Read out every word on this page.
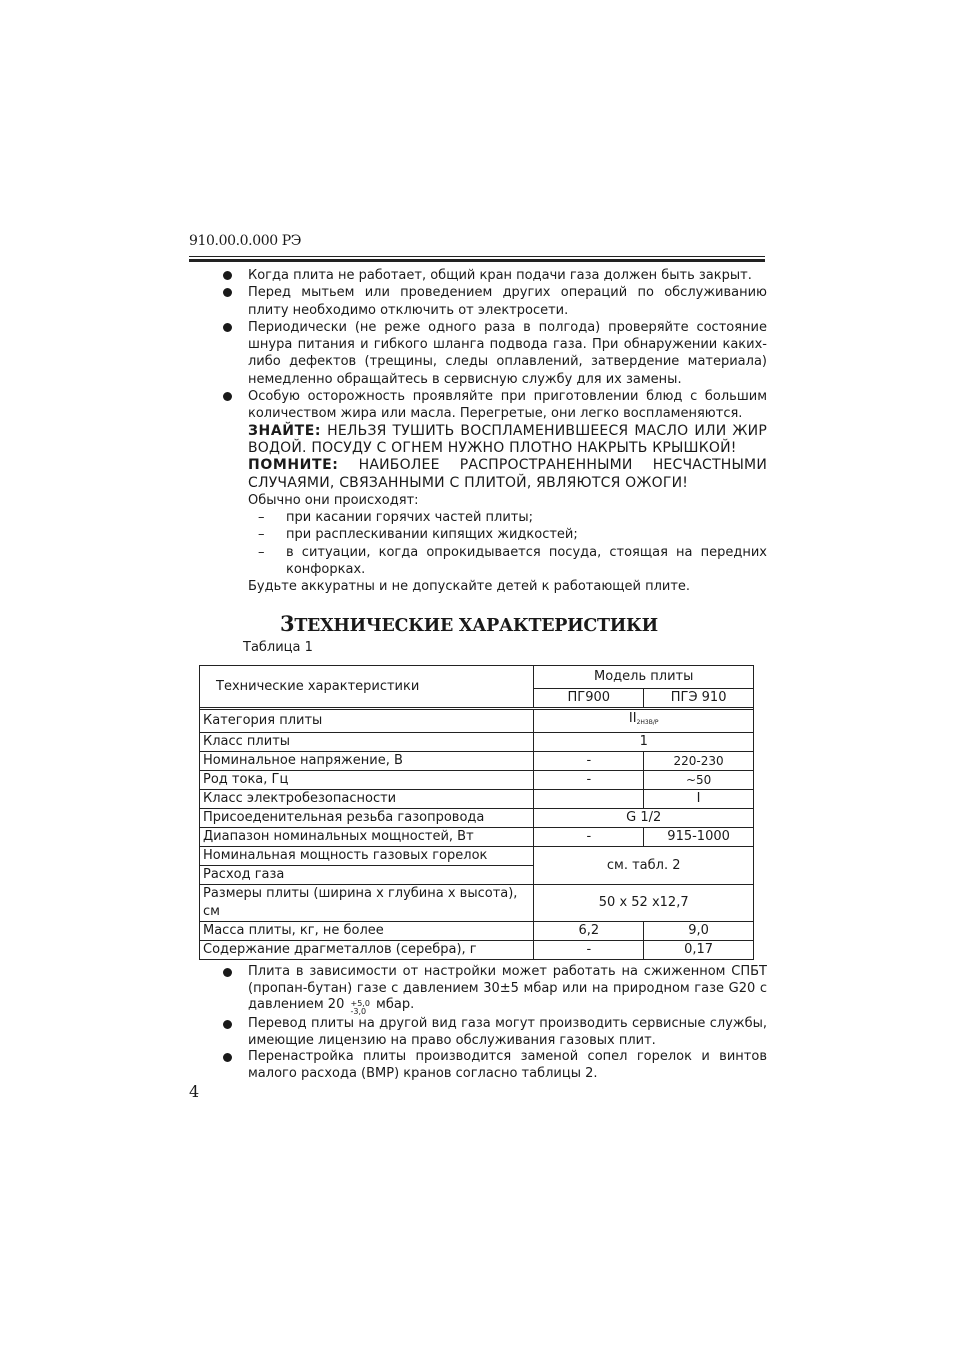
910.00.0.000 РЭ
Когда плита не работает, общий кран подачи газа должен быть закрыт.
Перед мытьем или проведением других операций по обслуживанию плиту необходимо отключить от электросети.
Периодически (не реже одного раза в полгода) проверяйте состояние шнура питания и гибкого шланга подвода газа. При обнаружении каких-либо дефектов (трещины, следы оплавлений, затвердение материала) немедленно обращайтесь в сервисную службу для их замены.
Особую осторожность проявляйте при приготовлении блюд с большим количеством жира или масла. Перегретые, они легко воспламеняются.
ЗНАЙТЕ: НЕЛЬЗЯ ТУШИТЬ ВОСПЛАМЕНИВШЕЕСЯ МАСЛО ИЛИ ЖИР ВОДОЙ. ПОСУДУ С ОГНЕМ НУЖНО ПЛОТНО НАКРЫТЬ КРЫШКОЙ!
ПОМНИТЕ: НАИБОЛЕЕ РАСПРОСТРАНЕННЫМИ НЕСЧАСТНЫМИ СЛУЧАЯМИ, СВЯЗАННЫМИ С ПЛИТОЙ, ЯВЛЯЮТСЯ ОЖОГИ!
Обычно они происходят:
– при касании горячих частей плиты;
– при расплескивании кипящих жидкостей;
– в ситуации, когда опрокидывается посуда, стоящая на передних конфорках.
Будьте аккуратны и не допускайте детей к работающей плите.
3ТЕХНИЧЕСКИЕ ХАРАКТЕРИСТИКИ
Таблица 1
Технические характеристики	Модель плиты	
	ПГ900	ПГЭ 910

Категория плиты	$II_{2Н3В/Р}$
Класс плиты	1	
Номинальное напряжение, В	-	220-230
Род тока, Гц	-	~50
Класс электробезопасности		I
Присоеденительная резьба газопровода	G 1/2	
Диапазон номинальных мощностей, Вт	-	915-1000
Номинальная мощность газовых горелок	см. табл. 2	
Расход газа		
Размеры плиты (ширина х глубина х высота), см	50 х 52 х12,7	
Масса плиты, кг, не более	6,2	9,0
Содержание драгметаллов (серебра), г	-	0,17
Плита в зависимости от настройки может работать на сжиженном СПБТ (пропан-бутан) газе с давлением 30±5 мбар или на природном газе G20 с давлением 20 +5,0
-3,0 мбар.
Перевод плиты на другой вид газа могут производить сервисные службы, имеющие лицензию на право обслуживания газовых плит.
Перенастройка плиты производится заменой сопел горелок и винтов малого расхода (ВМР) кранов согласно таблицы 2.
4
